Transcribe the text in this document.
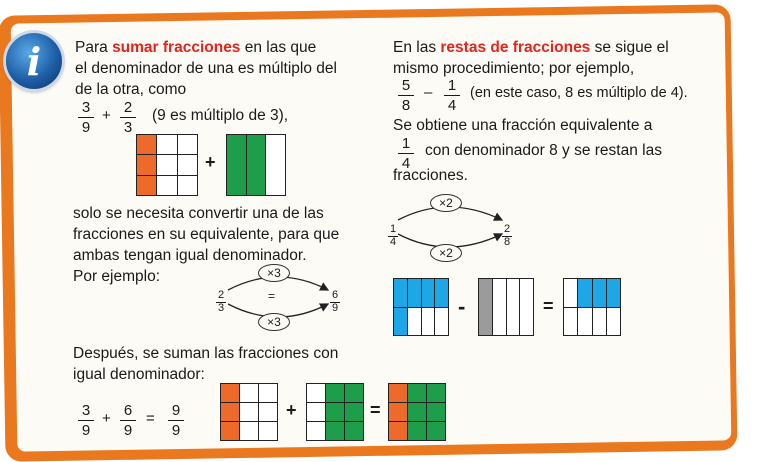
i Para sumar fracciones en las que
el denominador de una es múltiplo del
de la otra, como
3
9
+ 2
3
(9 es múltiplo de 3),
+
solo se necesita convertir una de las
fracciones en su equivalente, para que
ambas tengan igual denominador.
Por ejemplo:	×3
×3
=
2
3
6
9
Después, se suman las fracciones con
igual denominador:
3
9
+ 6
9
= 9
9
+	=
En las restas de fracciones se sigue el
mismo procedimiento; por ejemplo,
5
8
– 1
4
(en este caso, 8 es múltiplo de 4).
Se obtiene una fracción equivalente a
1
4
con denominador 8 y se restan las
fracciones.
×2
×2
1
4
2
8
-	=
